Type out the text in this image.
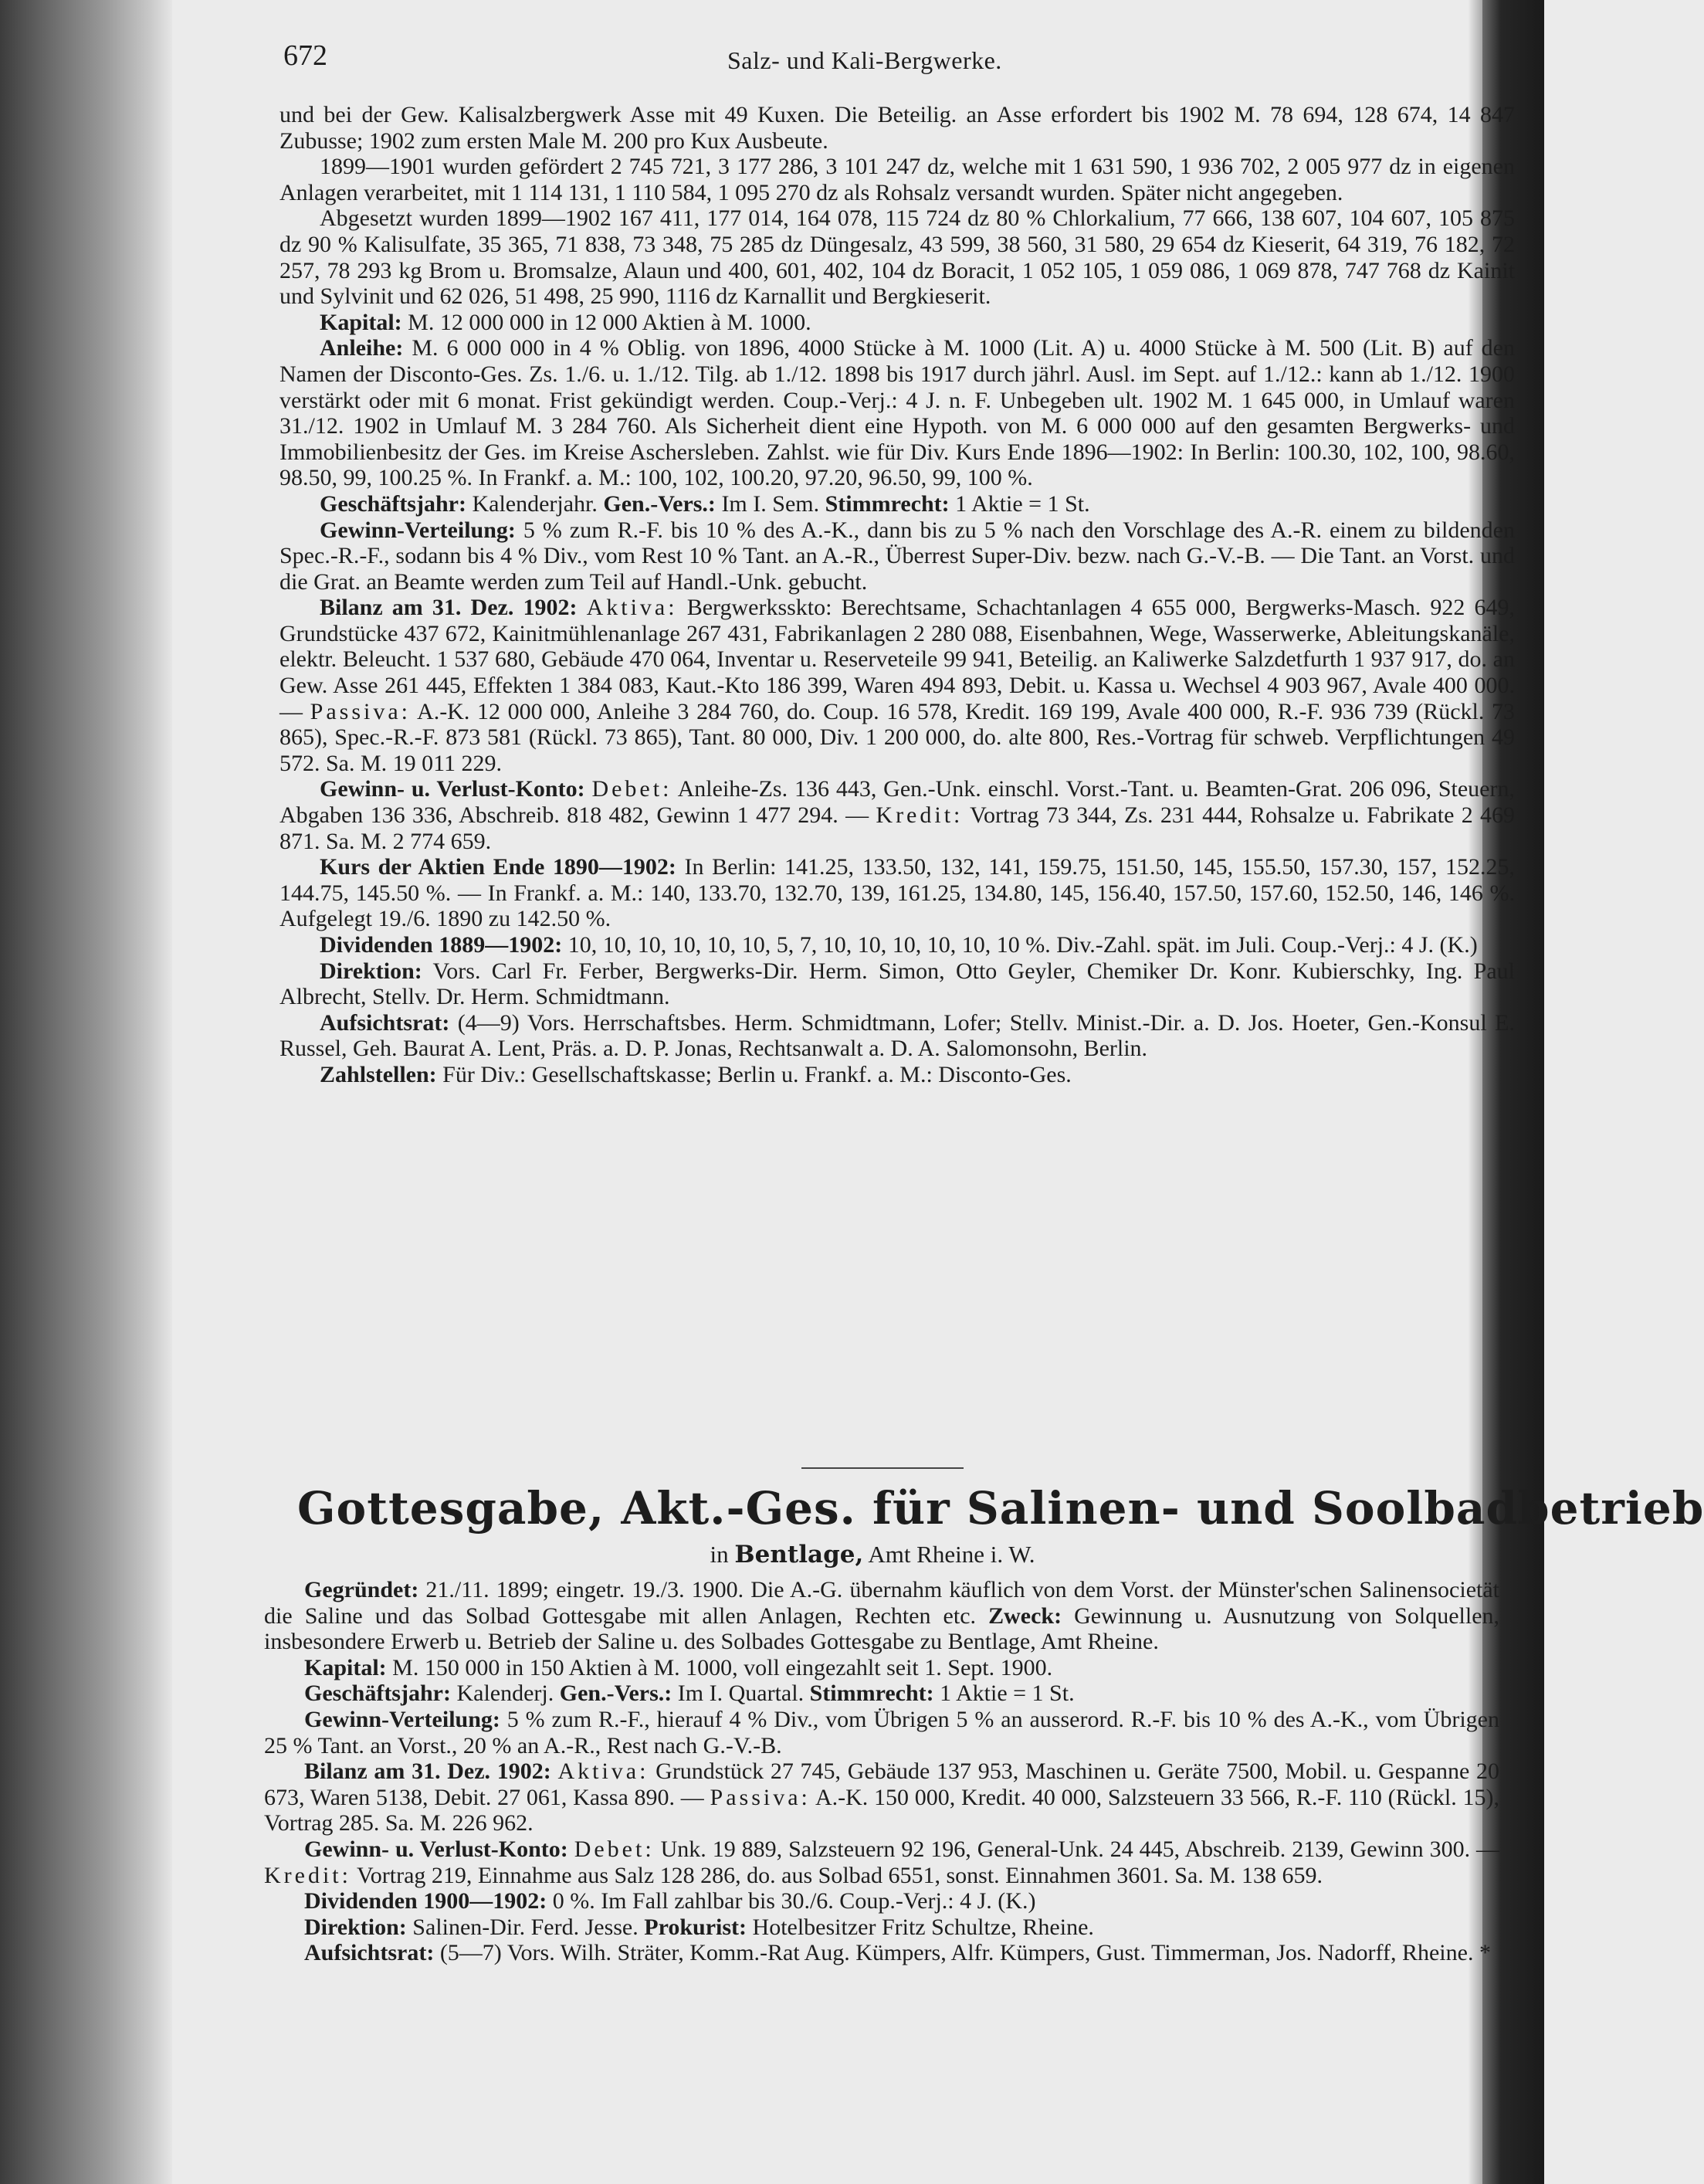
672	Salz- und Kali-Bergwerke.

und bei der Gew. Kalisalzbergwerk Asse mit 49 Kuxen. Die Beteilig. an Asse erfordert bis 1902 M. 78 694, 128 674, 14 847 Zubusse; 1902 zum ersten Male M. 200 pro Kux Ausbeute.

1899—1901 wurden gefördert 2 745 721, 3 177 286, 3 101 247 dz, welche mit 1 631 590, 1 936 702, 2 005 977 dz in eigenen Anlagen verarbeitet, mit 1 114 131, 1 110 584, 1 095 270 dz als Rohsalz versandt wurden. Später nicht angegeben.

Abgesetzt wurden 1899—1902 167 411, 177 014, 164 078, 115 724 dz 80 % Chlorkalium, 77 666, 138 607, 104 607, 105 875 dz 90 % Kalisulfate, 35 365, 71 838, 73 348, 75 285 dz Düngesalz, 43 599, 38 560, 31 580, 29 654 dz Kieserit, 64 319, 76 182, 72 257, 78 293 kg Brom u. Bromsalze, Alaun und 400, 601, 402, 104 dz Boracit, 1 052 105, 1 059 086, 1 069 878, 747 768 dz Kainit und Sylvinit und 62 026, 51 498, 25 990, 1116 dz Karnallit und Bergkieserit.

Kapital: M. 12 000 000 in 12 000 Aktien à M. 1000.

Anleihe: M. 6 000 000 in 4 % Oblig. von 1896, 4000 Stücke à M. 1000 (Lit. A) u. 4000 Stücke à M. 500 (Lit. B) auf den Namen der Disconto-Ges. Zs. 1./6. u. 1./12. Tilg. ab 1./12. 1898 bis 1917 durch jährl. Ausl. im Sept. auf 1./12.: kann ab 1./12. 1900 verstärkt oder mit 6 monat. Frist gekündigt werden. Coup.-Verj.: 4 J. n. F. Unbegeben ult. 1902 M. 1 645 000, in Umlauf waren 31./12. 1902 in Umlauf M. 3 284 760. Als Sicherheit dient eine Hypoth. von M. 6 000 000 auf den gesamten Bergwerks- und Immobilienbesitz der Ges. im Kreise Aschersleben. Zahlst. wie für Div. Kurs Ende 1896—1902: In Berlin: 100.30, 102, 100, 98.60, 98.50, 99, 100.25 %. In Frankf. a. M.: 100, 102, 100.20, 97.20, 96.50, 99, 100 %.

Geschäftsjahr: Kalenderjahr. Gen.-Vers.: Im I. Sem. Stimmrecht: 1 Aktie = 1 St.

Gewinn-Verteilung: 5 % zum R.-F. bis 10 % des A.-K., dann bis zu 5 % nach den Vorschlage des A.-R. einem zu bildenden Spec.-R.-F., sodann bis 4 % Div., vom Rest 10 % Tant. an A.-R., Überrest Super-Div. bezw. nach G.-V.-B. — Die Tant. an Vorst. und die Grat. an Beamte werden zum Teil auf Handl.-Unk. gebucht.

Bilanz am 31. Dez. 1902: Aktiva: Bergwerksskto: Berechtsame, Schachtanlagen 4 655 000, Bergwerks-Masch. 922 649, Grundstücke 437 672, Kainitmühlenanlage 267 431, Fabrikanlagen 2 280 088, Eisenbahnen, Wege, Wasserwerke, Ableitungskanäle, elektr. Beleucht. 1 537 680, Gebäude 470 064, Inventar u. Reserveteile 99 941, Beteilig. an Kaliwerke Salzdetfurth 1 937 917, do. an Gew. Asse 261 445, Effekten 1 384 083, Kaut.-Kto 186 399, Waren 494 893, Debit. u. Kassa u. Wechsel 4 903 967, Avale 400 000. — Passiva: A.-K. 12 000 000, Anleihe 3 284 760, do. Coup. 16 578, Kredit. 169 199, Avale 400 000, R.-F. 936 739 (Rückl. 73 865), Spec.-R.-F. 873 581 (Rückl. 73 865), Tant. 80 000, Div. 1 200 000, do. alte 800, Res.-Vortrag für schweb. Verpflichtungen 49 572. Sa. M. 19 011 229.

Gewinn- u. Verlust-Konto: Debet: Anleihe-Zs. 136 443, Gen.-Unk. einschl. Vorst.-Tant. u. Beamten-Grat. 206 096, Steuern, Abgaben 136 336, Abschreib. 818 482, Gewinn 1 477 294. — Kredit: Vortrag 73 344, Zs. 231 444, Rohsalze u. Fabrikate 2 469 871. Sa. M. 2 774 659.

Kurs der Aktien Ende 1890—1902: In Berlin: 141.25, 133.50, 132, 141, 159.75, 151.50, 145, 155.50, 157.30, 157, 152.25, 144.75, 145.50 %. — In Frankf. a. M.: 140, 133.70, 132.70, 139, 161.25, 134.80, 145, 156.40, 157.50, 157.60, 152.50, 146, 146 %. Aufgelegt 19./6. 1890 zu 142.50 %.

Dividenden 1889—1902: 10, 10, 10, 10, 10, 10, 5, 7, 10, 10, 10, 10, 10, 10 %. Div.-Zahl. spät. im Juli. Coup.-Verj.: 4 J. (K.)

Direktion: Vors. Carl Fr. Ferber, Bergwerks-Dir. Herm. Simon, Otto Geyler, Chemiker Dr. Konr. Kubierschky, Ing. Paul Albrecht, Stellv. Dr. Herm. Schmidtmann.

Aufsichtsrat: (4—9) Vors. Herrschaftsbes. Herm. Schmidtmann, Lofer; Stellv. Minist.-Dir. a. D. Jos. Hoeter, Gen.-Konsul E. Russel, Geh. Baurat A. Lent, Präs. a. D. P. Jonas, Rechtsanwalt a. D. A. Salomonsohn, Berlin.

Zahlstellen: Für Div.: Gesellschaftskasse; Berlin u. Frankf. a. M.: Disconto-Ges.

Gottesgabe, Akt.-Ges. für Salinen- und Soolbadbetrieb
in Bentlage, Amt Rheine i. W.

Gegründet: 21./11. 1899; eingetr. 19./3. 1900. Die A.-G. übernahm käuflich von dem Vorst. der Münster'schen Salinensocietät die Saline und das Solbad Gottesgabe mit allen Anlagen, Rechten etc. Zweck: Gewinnung u. Ausnutzung von Solquellen, insbesondere Erwerb u. Betrieb der Saline u. des Solbades Gottesgabe zu Bentlage, Amt Rheine.

Kapital: M. 150 000 in 150 Aktien à M. 1000, voll eingezahlt seit 1. Sept. 1900.

Geschäftsjahr: Kalenderj. Gen.-Vers.: Im I. Quartal. Stimmrecht: 1 Aktie = 1 St.

Gewinn-Verteilung: 5 % zum R.-F., hierauf 4 % Div., vom Übrigen 5 % an ausserord. R.-F. bis 10 % des A.-K., vom Übrigen 25 % Tant. an Vorst., 20 % an A.-R., Rest nach G.-V.-B.

Bilanz am 31. Dez. 1902: Aktiva: Grundstück 27 745, Gebäude 137 953, Maschinen u. Geräte 7500, Mobil. u. Gespanne 20 673, Waren 5138, Debit. 27 061, Kassa 890. — Passiva: A.-K. 150 000, Kredit. 40 000, Salzsteuern 33 566, R.-F. 110 (Rückl. 15), Vortrag 285. Sa. M. 226 962.

Gewinn- u. Verlust-Konto: Debet: Unk. 19 889, Salzsteuern 92 196, General-Unk. 24 445, Abschreib. 2139, Gewinn 300. — Kredit: Vortrag 219, Einnahme aus Salz 128 286, do. aus Solbad 6551, sonst. Einnahmen 3601. Sa. M. 138 659.

Dividenden 1900—1902: 0 %. Im Fall zahlbar bis 30./6. Coup.-Verj.: 4 J. (K.)

Direktion: Salinen-Dir. Ferd. Jesse. Prokurist: Hotelbesitzer Fritz Schultze, Rheine.

Aufsichtsrat: (5—7) Vors. Wilh. Sträter, Komm.-Rat Aug. Kümpers, Alfr. Kümpers, Gust. Timmerman, Jos. Nadorff, Rheine. *
